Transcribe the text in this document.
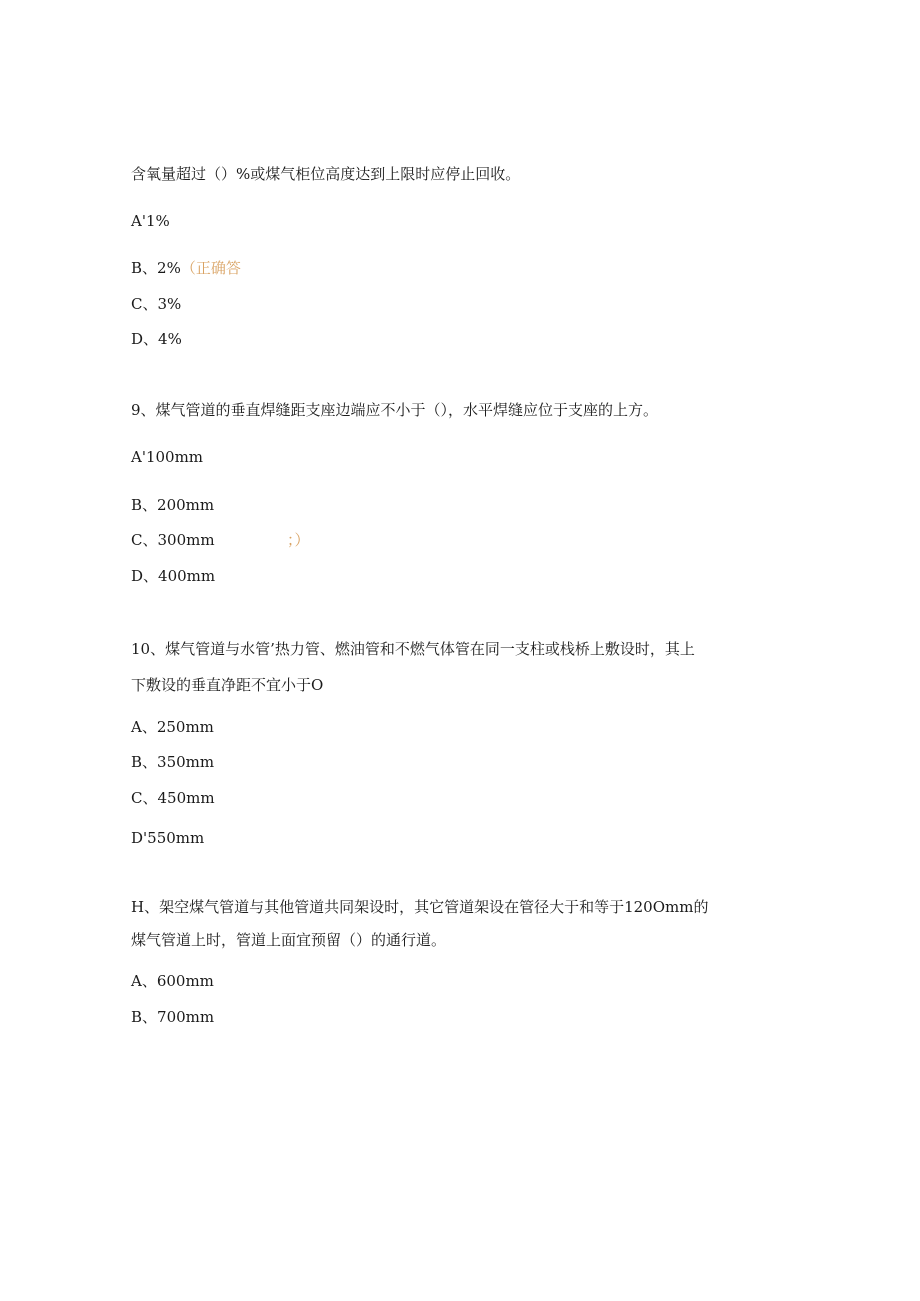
含氧量超过（）%或煤气柜位高度达到上限时应停止回收。
A'1%
B、2%（正确答
C、3%
D、4%
9、煤气管道的垂直焊缝距支座边端应不小于（），水平焊缝应位于支座的上方。
A'100mm
B、200mm
C、300mm	；）
D、400mm
10、煤气管道与水管’热力管、燃油管和不燃气体管在同一支柱或栈桥上敷设时，其上
下敷设的垂直净距不宜小于O
A、250mm
B、350mm
C、450mm
D'550mm
H、架空煤气管道与其他管道共同架设时，其它管道架设在管径大于和等于120Omm的
煤气管道上时，管道上面宜预留（）的通行道。
A、600mm
B、700mm
